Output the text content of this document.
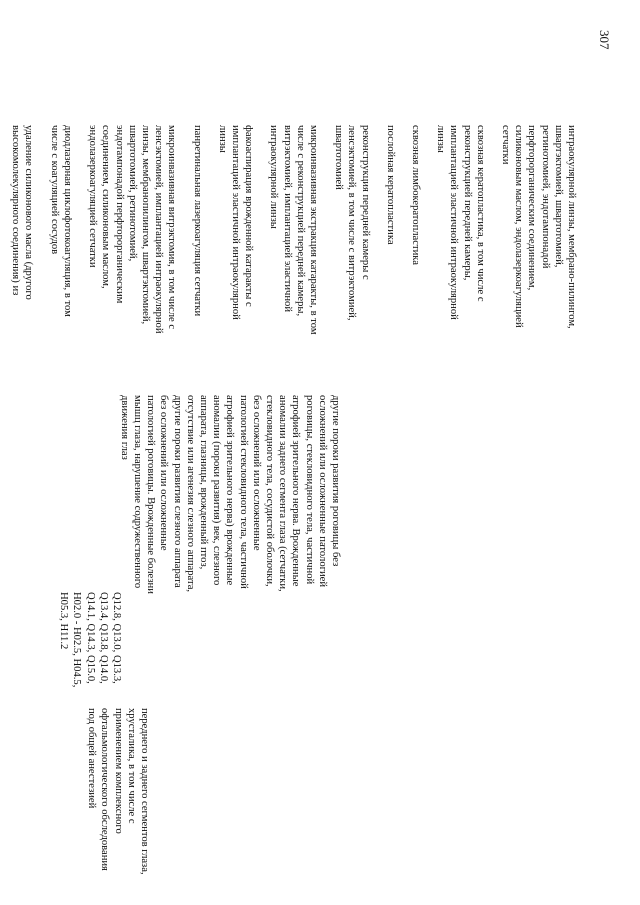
307
переднего и заднего сегментов глаза, хрусталика, в том числе с применением комплексного офтальмологического обследования под общей анестезией
Q12.8, Q13.0, Q13.3, Q13.4, Q13.8, Q14.0, Q14.1, Q14.3, Q15.0, H02.0 - H02.5, H04.5, H05.3, H11.2
другие пороки развития роговицы без осложнений или осложненные патологией роговицы, стекловидного тела, частичной атрофией зрительного нерва. Врожденные аномалии заднего сегмента глаза (сетчатки, стекловидного тела, сосудистой оболочки, без осложнений или осложненные патологией стекловидного тела, частичной атрофией зрительного нерва) врожденные аномалии (пороки развития) век, слезного аппарата, глазницы, врожденный птоз, отсутствие или агенезия слезного аппарата, другие пороки развития слезного аппарата без осложнений или осложненные патологией роговицы. Врожденные болезни мышц глаза, нарушение содружественного движения глаз

интраокулярной линзы, мембрано-пилингом, швартэктомией, швартотомией, ретинотомией, эндотампонадой перфторорганическим соединением, силиконовым маслом, эндолазеркоагуляцией сетчатки

сквозная кератопластика, в том числе с реконструкцией передней камеры, имплантацией эластичной интраокулярной линзы

сквозная лимбокератопластика

послойная кератопластика

реконструкция передней камеры с ленсэктомией, в том числе с витрэктомией, швартотомией

микроинвазивная экстракция катаракты, в том числе с реконструкцией передней камеры, витрэктомией, имплантацией эластичной интраокулярной линзы

факоаспирация врожденной катаракты с имплантацией эластичной интраокулярной линзы

панретинальная лазеркоагуляция сетчатки

микроинвазивная витрэктомия, в том числе с ленсэктомией, имплантацией интраокулярной линзы, мембранопилингом, швартэктомией, швартотомией, ретинотомией, эндотампонадой перфторорганическим соединением, силиконовым маслом, эндолазеркоагуляцией сетчатки

диодлазерная циклофотокоагуляция, в том числе с коагуляцией сосудов

удаление силиконового масла (другого высокомолекулярного соединения) из
